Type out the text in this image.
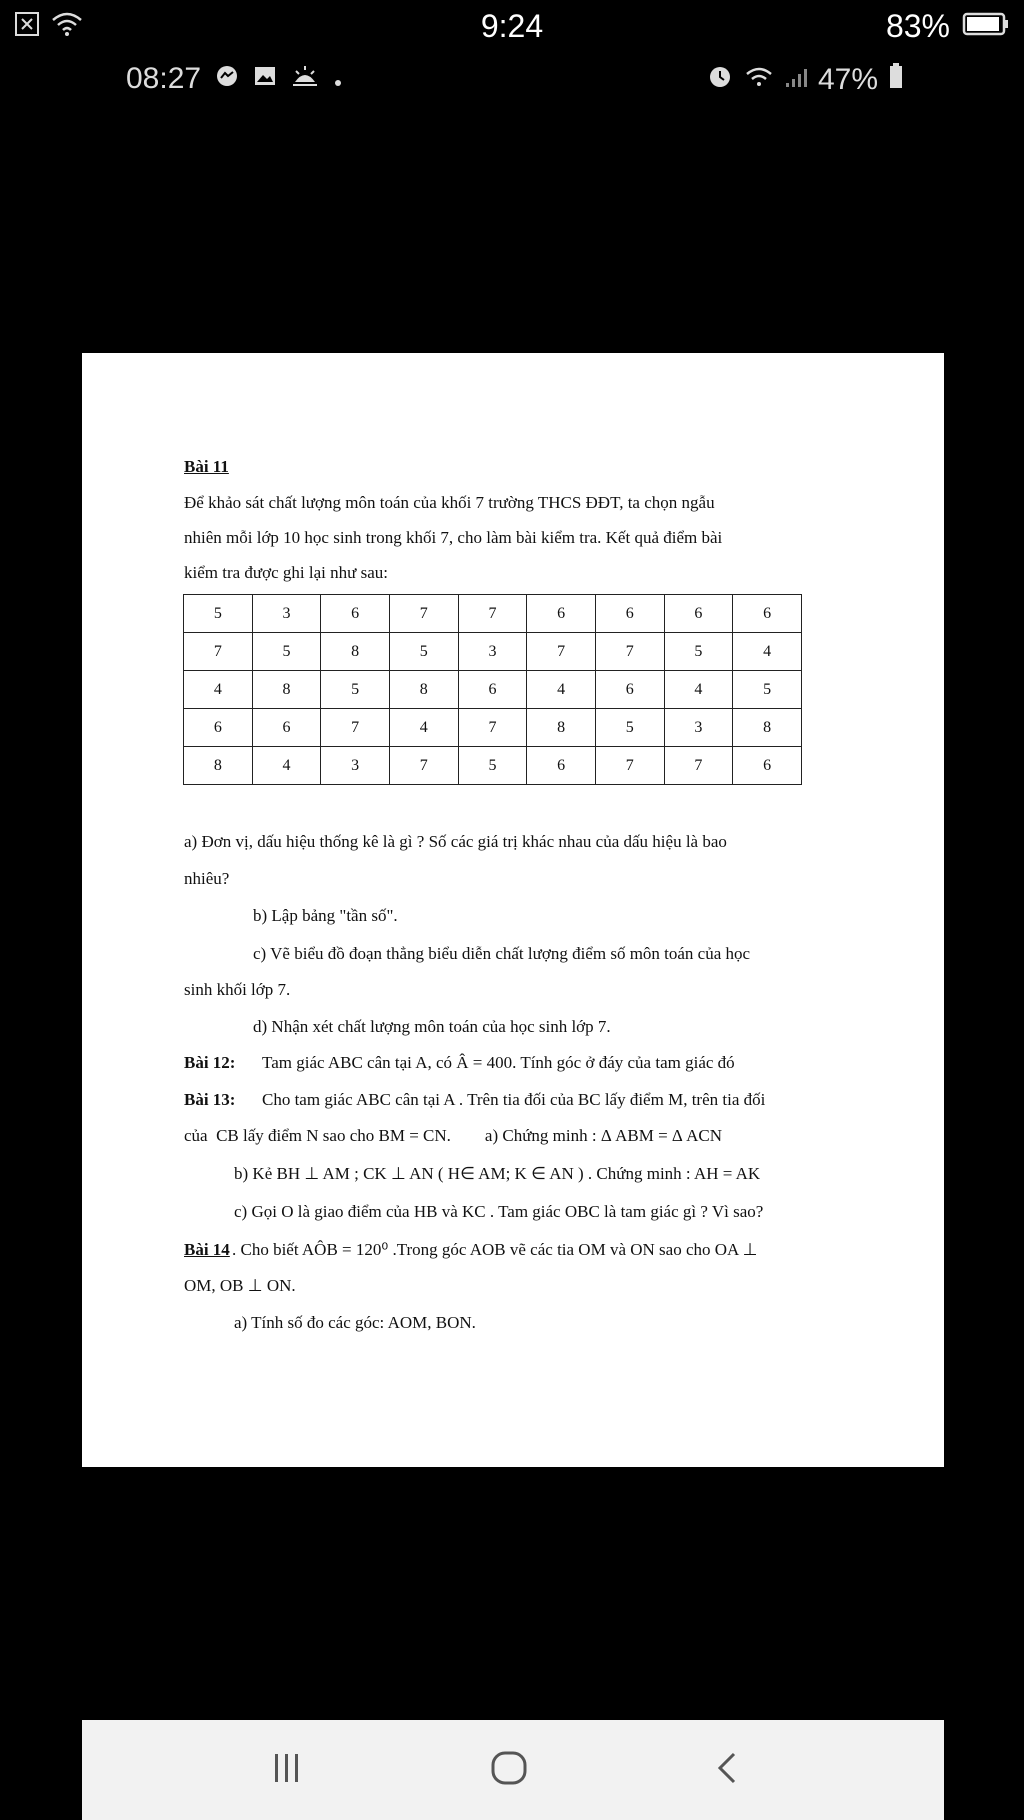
9:24	83%
08:27	47%

Bài 11

Để khảo sát chất lượng môn toán của khối 7 trường THCS ĐĐT, ta chọn ngẫu

nhiên mỗi lớp 10 học sinh trong khối 7, cho làm bài kiểm tra. Kết quả điểm bài

kiểm tra được ghi lại như sau:

5	3	6	7	7	6	6	6	6
7	5	8	5	3	7	7	5	4
4	8	5	8	6	4	6	4	5
6	6	7	4	7	8	5	3	8
8	4	3	7	5	6	7	7	6

a) Đơn vị, dấu hiệu thống kê là gì ? Số các giá trị khác nhau của dấu hiệu là bao

nhiêu?

b) Lập bảng "tần số".

c) Vẽ biểu đồ đoạn thẳng biểu diễn chất lượng điểm số môn toán của học

sinh khối lớp 7.

d) Nhận xét chất lượng môn toán của học sinh lớp 7.

Bài 12: Tam giác ABC cân tại A, có Â = 400. Tính góc ở đáy của tam giác đó

Bài 13: Cho tam giác ABC cân tại A . Trên tia đối của BC lấy điểm M, trên tia đối

của  CB lấy điểm N sao cho BM = CN.        a) Chứng minh : Δ ABM = Δ ACN

b) Kẻ BH ⊥ AM ; CK ⊥ AN ( H∈ AM; K ∈ AN ) . Chứng minh : AH = AK

c) Gọi O là giao điểm của HB và KC . Tam giác OBC là tam giác gì ? Vì sao?

Bài 14 . Cho biết AÔB = 120⁰ .Trong góc AOB vẽ các tia OM và ON sao cho OA ⊥

OM, OB ⊥ ON.

a) Tính số đo các góc: AOM, BON.
